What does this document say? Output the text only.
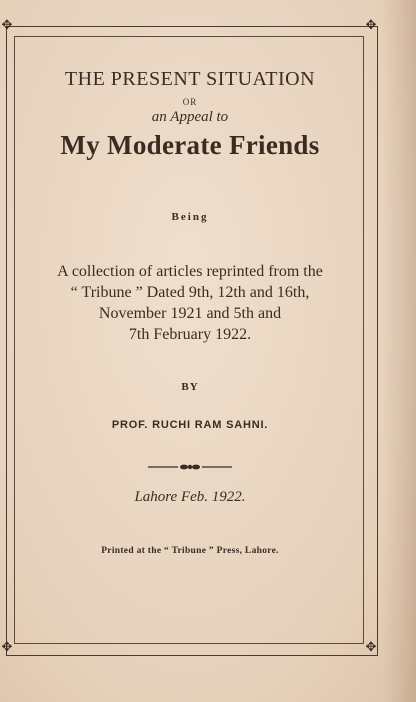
✥	✥
✥	✥
THE PRESENT SITUATION
OR
an Appeal to
My Moderate Friends
Being
A collection of articles reprinted from the
“ Tribune ” Dated 9th, 12th and 16th,
November 1921 and 5th and
7th February 1922.
BY
PROF. RUCHI RAM SAHNI.
Lahore Feb. 1922.
Printed at the “ Tribune ” Press, Lahore.
